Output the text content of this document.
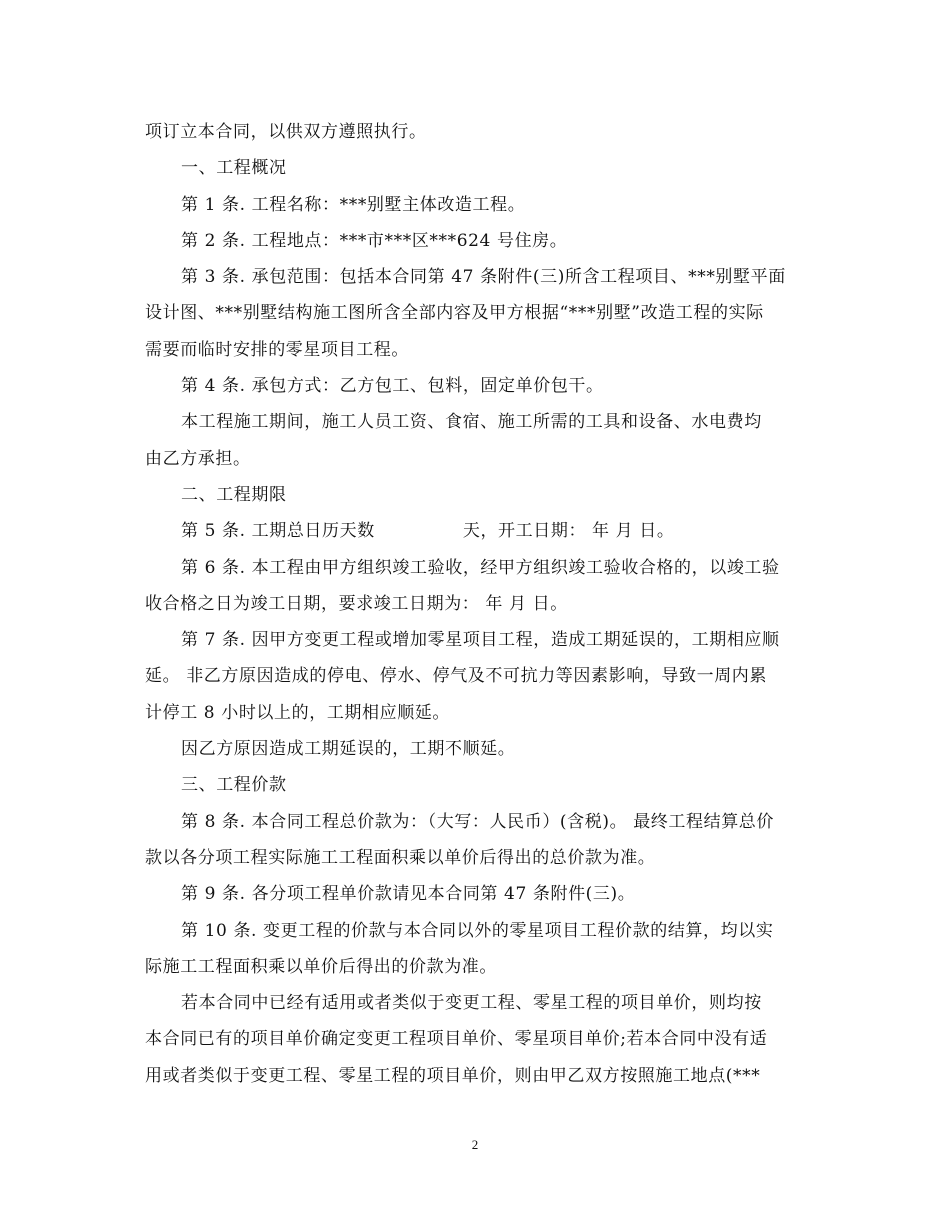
项订立本合同，以供双方遵照执行。
一、工程概况
第 1 条. 工程名称：***别墅主体改造工程。
第 2 条. 工程地点：***市***区***624 号住房。
第 3 条. 承包范围：包括本合同第 47 条附件(三)所含工程项目、***别墅平面
设计图、***别墅结构施工图所含全部内容及甲方根据“***别墅”改造工程的实际
需要而临时安排的零星项目工程。
第 4 条. 承包方式：乙方包工、包料，固定单价包干。
本工程施工期间，施工人员工资、食宿、施工所需的工具和设备、水电费均
由乙方承担。
二、工程期限
第 5 条. 工期总日历天数	天，开工日期： 年 月 日。
第 6 条. 本工程由甲方组织竣工验收，经甲方组织竣工验收合格的，以竣工验
收合格之日为竣工日期，要求竣工日期为： 年 月 日。
第 7 条. 因甲方变更工程或增加零星项目工程，造成工期延误的，工期相应顺
延。 非乙方原因造成的停电、停水、停气及不可抗力等因素影响，导致一周内累
计停工 8 小时以上的，工期相应顺延。
因乙方原因造成工期延误的，工期不顺延。
三、工程价款
第 8 条. 本合同工程总价款为：（大写：人民币）(含税)。 最终工程结算总价
款以各分项工程实际施工工程面积乘以单价后得出的总价款为准。
第 9 条. 各分项工程单价款请见本合同第 47 条附件(三)。
第 10 条. 变更工程的价款与本合同以外的零星项目工程价款的结算，均以实
际施工工程面积乘以单价后得出的价款为准。
若本合同中已经有适用或者类似于变更工程、零星工程的项目单价，则均按
本合同已有的项目单价确定变更工程项目单价、零星项目单价;若本合同中没有适
用或者类似于变更工程、零星工程的项目单价，则由甲乙双方按照施工地点(***
2
